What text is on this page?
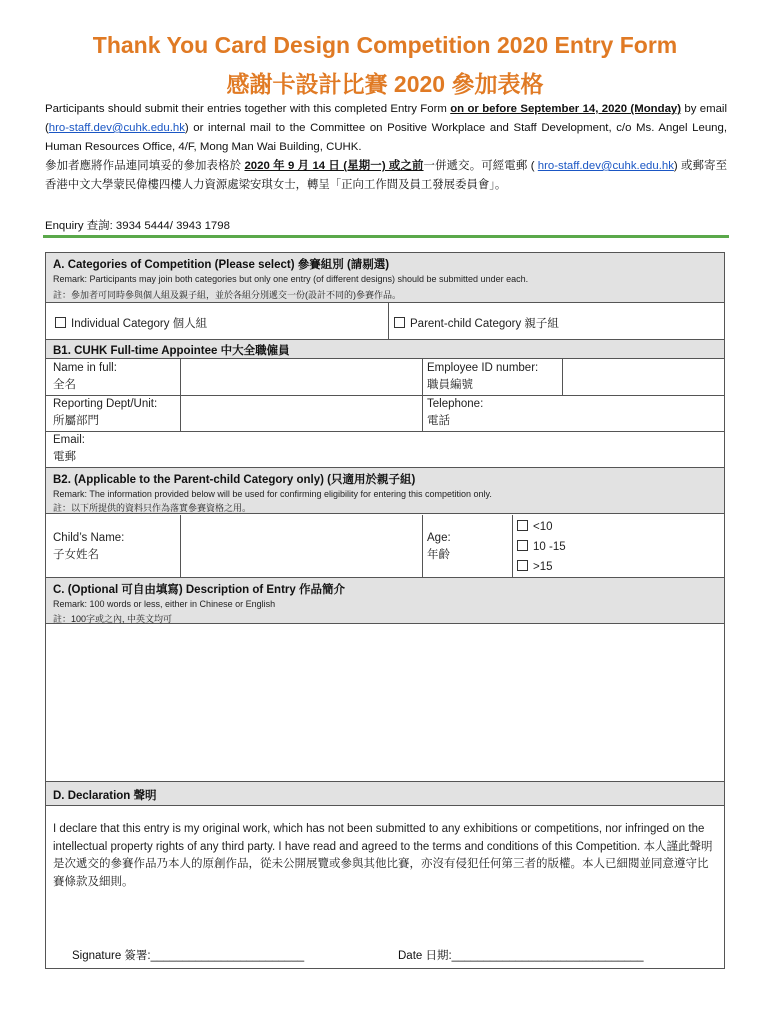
Thank You Card Design Competition 2020 Entry Form
感謝卡設計比賽 2020 參加表格

Participants should submit their entries together with this completed Entry Form on or before September 14, 2020 (Monday) by email (hro-staff.dev@cuhk.edu.hk) or internal mail to the Committee on Positive Workplace and Staff Development, c/o Ms. Angel Leung, Human Resources Office, 4/F, Mong Man Wai Building, CUHK.

參加者應將作品連同填妥的參加表格於 2020 年 9 月 14 日 (星期一) 或之前一併遞交。可經電郵 ( hro-staff.dev@cuhk.edu.hk) 或郵寄至香港中文大學蒙民偉樓四樓人力資源處梁安琪女士，轉呈「正向工作間及員工發展委員會」。

Enquiry 查詢: 3934 5444/ 3943 1798
A. Categories of Competition (Please select) 參賽組別 (請剔選)
Remark: Participants may join both categories but only one entry (of different designs) should be submitted under each.
註：參加者可同時參與個人組及親子組，並於各組分別遞交一份(設計不同的)參賽作品。
Individual Category 個人組	Parent-child Category 親子組
B1. CUHK Full-time Appointee 中大全職僱員
Name in full:
全名
Reporting Dept/Unit:
所屬部門
Email:
電郵
Employee ID number:
職員編號
Telephone:
電話
B2. (Applicable to the Parent-child Category only) (只適用於親子組)
Remark: The information provided below will be used for confirming eligibility for entering this competition only.
註：以下所提供的資料只作為落實參賽資格之用。
Child’s Name:
子女姓名
Age:
年齡
<10
10 -15
>15
C. (Optional 可自由填寫) Description of Entry 作品簡介
Remark: 100 words or less, either in Chinese or English
註：100字或之內, 中英文均可
D. Declaration 聲明
I declare that this entry is my original work, which has not been submitted to any exhibitions or competitions, nor infringed on the intellectual property rights of any third party. I have read and agreed to the terms and conditions of this Competition. 本人謹此聲明是次遞交的參賽作品乃本人的原創作品，從未公開展覽或參與其他比賽，亦沒有侵犯任何第三者的版權。本人已細閱並同意遵守比賽條款及細則。
Signature 簽署:________________________	Date 日期:______________________________
